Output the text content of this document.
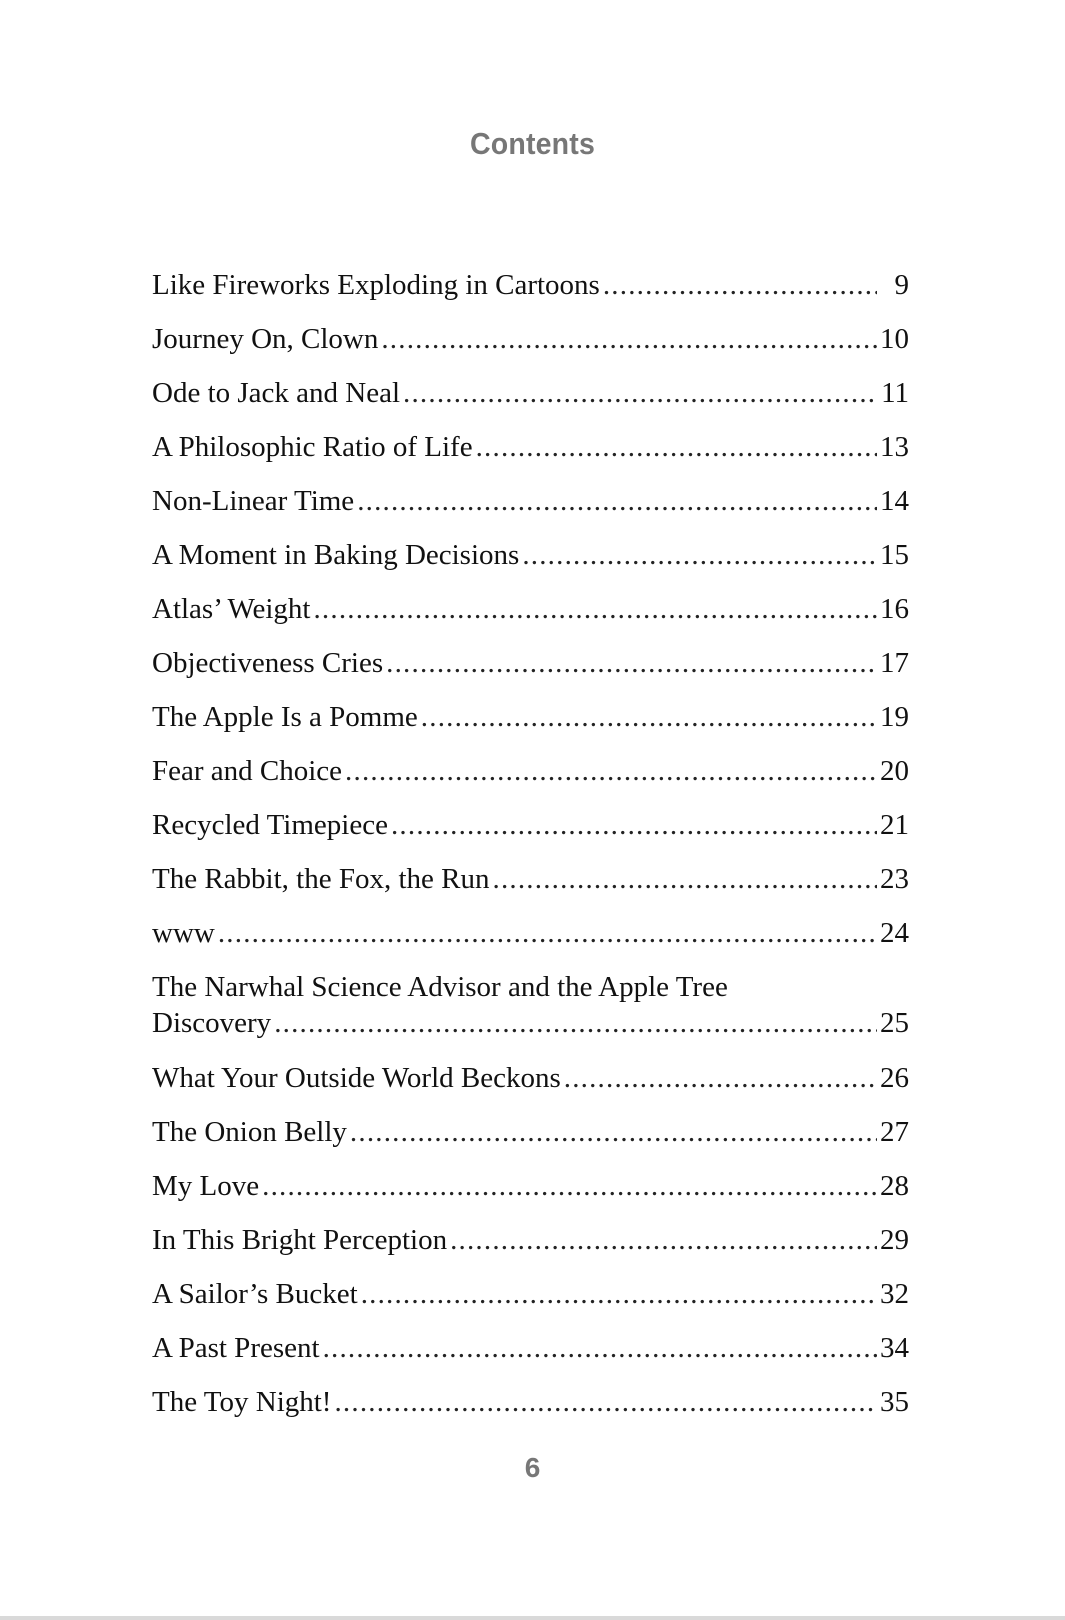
Contents
Like Fireworks Exploding in Cartoons .....	9
Journey On, Clown .....	10
Ode to Jack and Neal .....	11
A Philosophic Ratio of Life .....	13
Non-Linear Time .....	14
A Moment in Baking Decisions .....	15
Atlas’ Weight .....	16
Objectiveness Cries .....	17
The Apple Is a Pomme .....	19
Fear and Choice .....	20
Recycled Timepiece .....	21
The Rabbit, the Fox, the Run .....	23
www .....	24
The Narwhal Science Advisor and the Apple Tree
Discovery .....	25
What Your Outside World Beckons .....	26
The Onion Belly .....	27
My Love .....	28
In This Bright Perception .....	29
A Sailor’s Bucket .....	32
A Past Present .....	34
The Toy Night! .....	35
6
